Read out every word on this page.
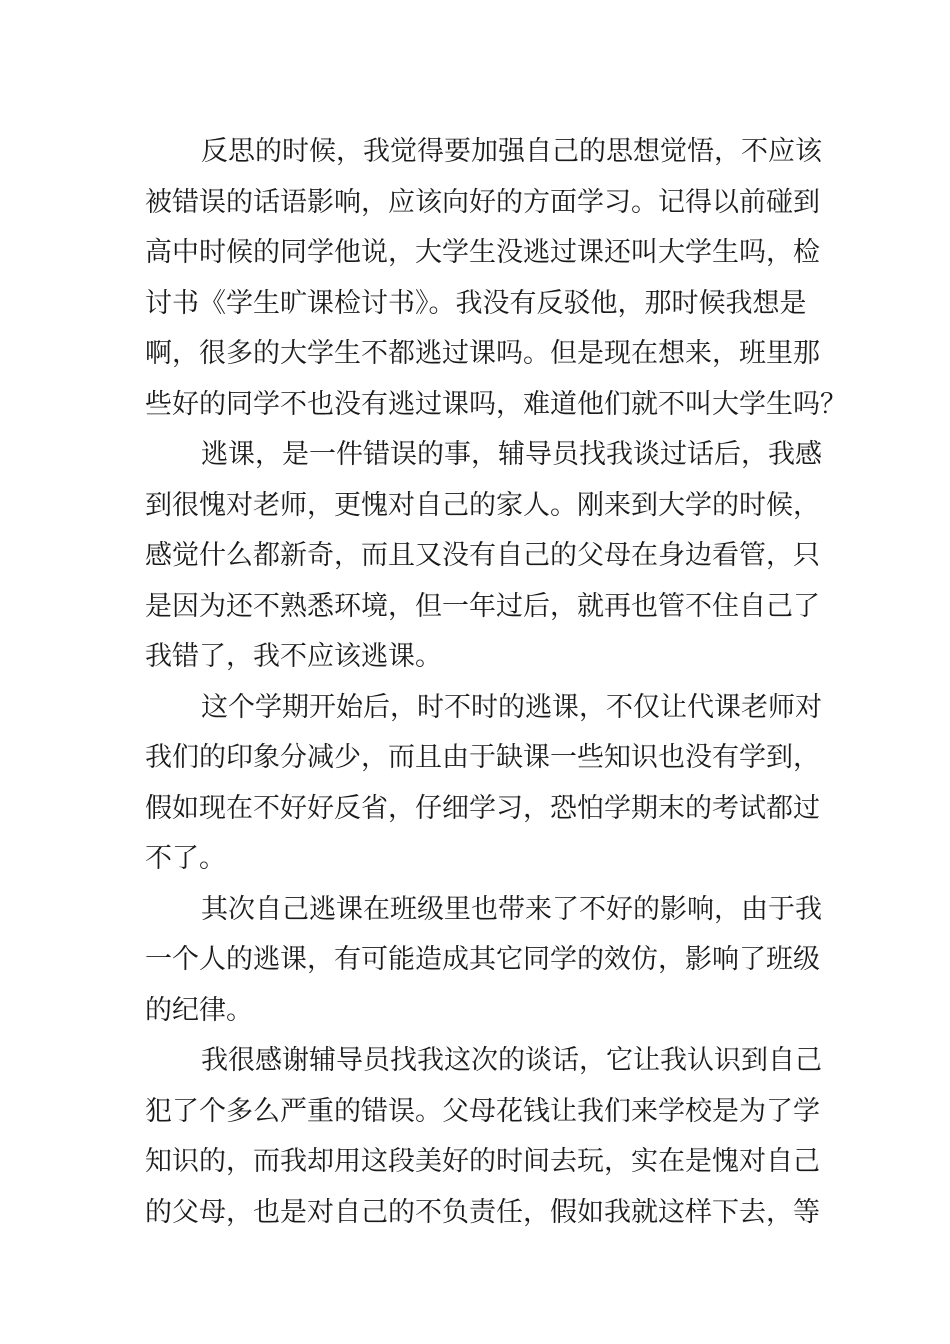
反思的时候，我觉得要加强自己的思想觉悟，不应该
被错误的话语影响，应该向好的方面学习。记得以前碰到
高中时候的同学他说，大学生没逃过课还叫大学生吗，检
讨书《学生旷课检讨书》。我没有反驳他，那时候我想是
啊，很多的大学生不都逃过课吗。但是现在想来，班里那
些好的同学不也没有逃过课吗，难道他们就不叫大学生吗？
逃课，是一件错误的事，辅导员找我谈过话后，我感
到很愧对老师，更愧对自己的家人。刚来到大学的时候，
感觉什么都新奇，而且又没有自己的父母在身边看管，只
是因为还不熟悉环境，但一年过后，就再也管不住自己了
我错了，我不应该逃课。
这个学期开始后，时不时的逃课，不仅让代课老师对
我们的印象分减少，而且由于缺课一些知识也没有学到，
假如现在不好好反省，仔细学习，恐怕学期末的考试都过
不了。
其次自己逃课在班级里也带来了不好的影响，由于我
一个人的逃课，有可能造成其它同学的效仿，影响了班级
的纪律。
我很感谢辅导员找我这次的谈话，它让我认识到自己
犯了个多么严重的错误。父母花钱让我们来学校是为了学
知识的，而我却用这段美好的时间去玩，实在是愧对自己
的父母，也是对自己的不负责任，假如我就这样下去，等
